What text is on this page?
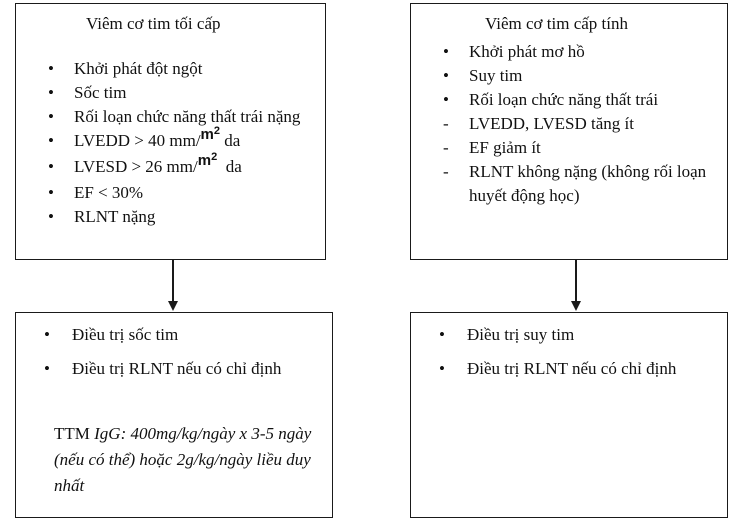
Viêm cơ tim tối cấp
•
Khởi phát đột ngột
•
Sốc tim
•
Rối loạn chức năng thất trái nặng
•
LVEDD > 40 mm/$^{m^2}$ da
•
LVESD > 26 mm/$^{m^2}$ da
•
EF < 30%
•
RLNT nặng
Viêm cơ tim cấp tính
•
Khởi phát mơ hồ
•
Suy tim
•
Rối loạn chức năng thất trái
-
LVEDD, LVESD tăng ít
-
EF giảm ít
-
RLNT không nặng (không rối loạn huyết động học)
•
Điều trị sốc tim
•
Điều trị RLNT nếu có chỉ định
TTM IgG: 400mg/kg/ngày x 3-5 ngày (nếu có thể) hoặc 2g/kg/ngày liều duy nhất
•
Điều trị suy tim
•
Điều trị RLNT nếu có chỉ định
